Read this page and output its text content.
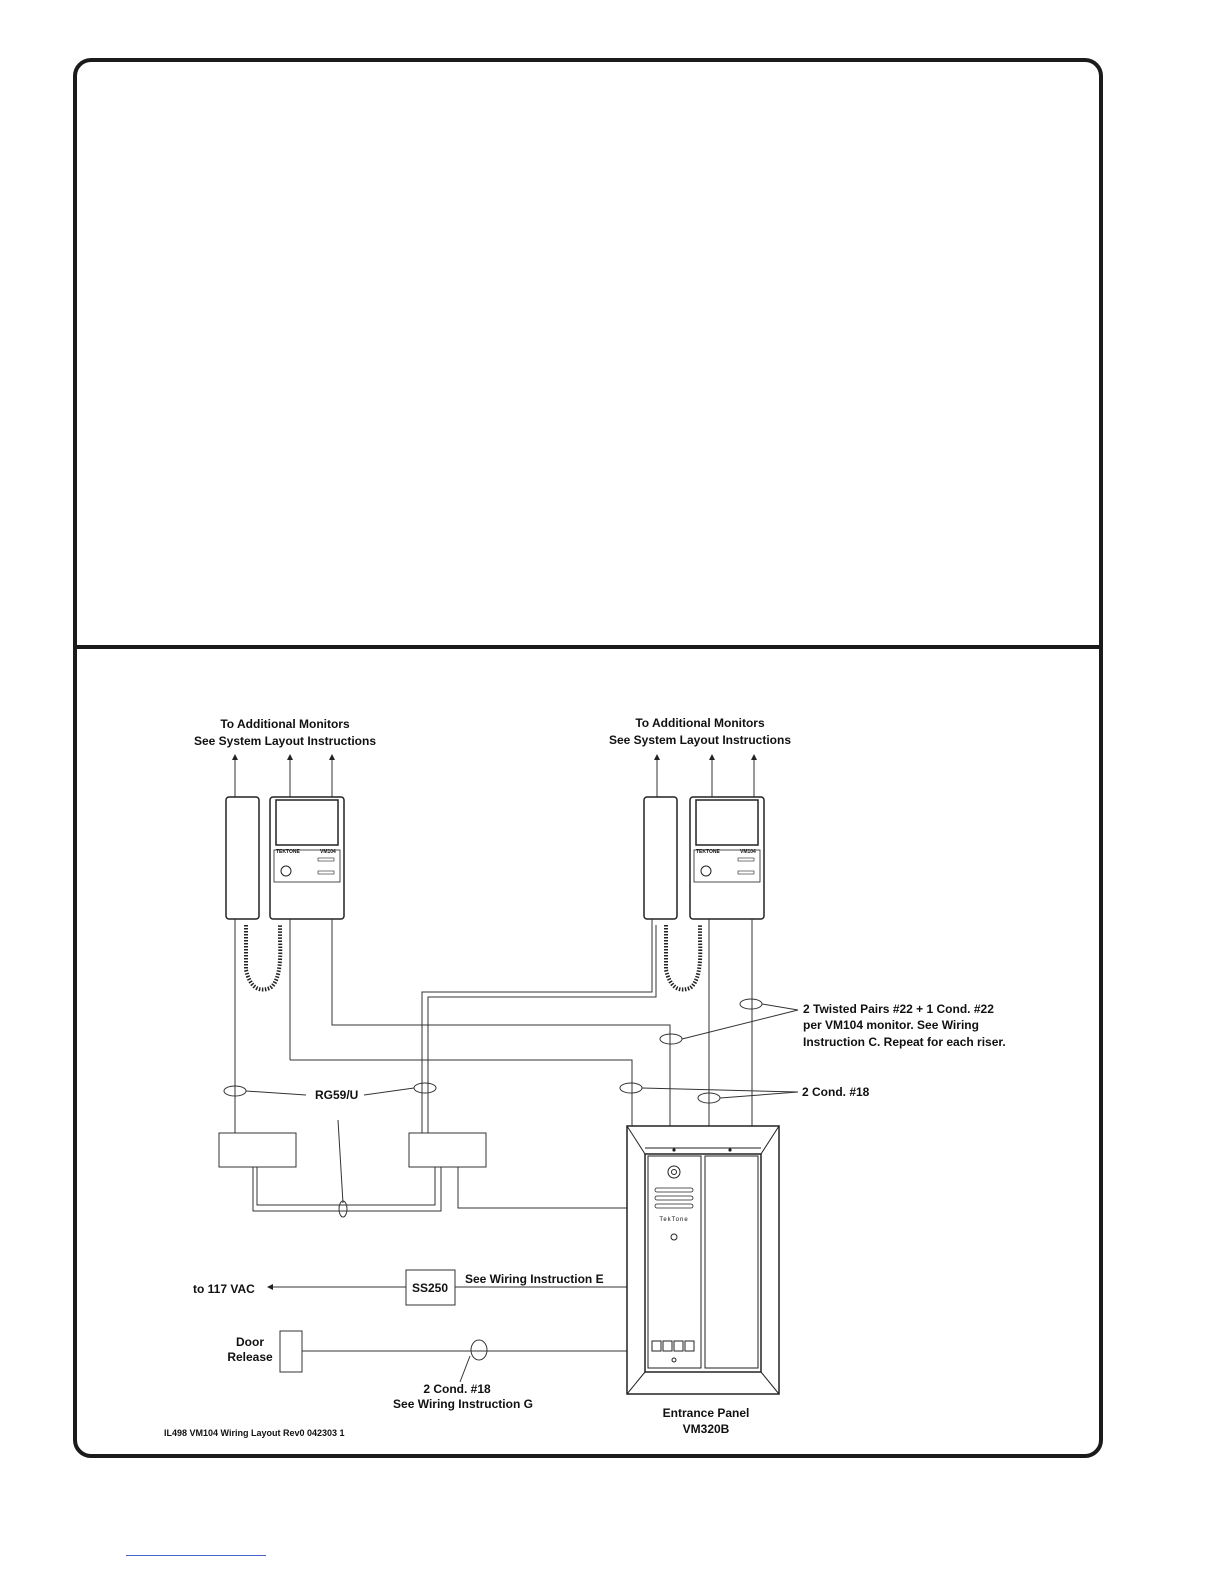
TEKTONE	VM104	TEKTONE	VM104
TekTone
To Additional Monitors
See System Layout Instructions
To Additional Monitors
See System Layout Instructions
2 Twisted Pairs #22 + 1 Cond. #22
per VM104 monitor. See Wiring
Instruction C. Repeat for each riser.
RG59/U	2 Cond. #18
to 117 VAC	SS250
See Wiring Instruction E
Door
Release
2 Cond. #18
See Wiring Instruction G
Entrance Panel
VM320B
IL498 VM104 Wiring Layout Rev0 042303 1
